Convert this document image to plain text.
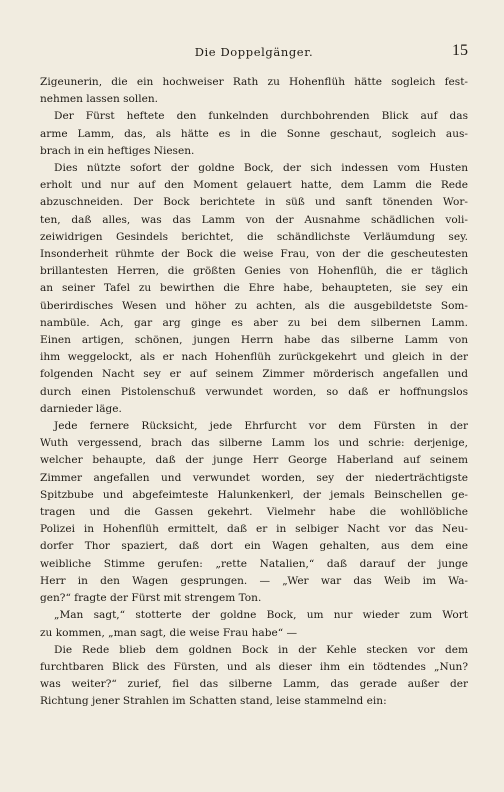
Die Doppelgänger.	15

Zigeunerin, die ein hochweiser Rath zu Hohenflüh hätte sogleich fest-
nehmen lassen sollen.

Der Fürst heftete den funkelnden durchbohrenden Blick auf das
arme Lamm, das, als hätte es in die Sonne geschaut, sogleich aus-
brach in ein heftiges Niesen.

Dies nützte sofort der goldne Bock, der sich indessen vom Husten
erholt und nur auf den Moment gelauert hatte, dem Lamm die Rede
abzuschneiden. Der Bock berichtete in süß und sanft tönenden Wor-
ten, daß alles, was das Lamm von der Ausnahme schädlichen voli-
zeiwidrigen Gesindels berichtet, die schändlichste Verläumdung sey.
Insonderheit rühmte der Bock die weise Frau, von der die gescheutesten
brillantesten Herren, die größten Genies von Hohenflüh, die er täglich
an seiner Tafel zu bewirthen die Ehre habe, behaupteten, sie sey ein
überirdisches Wesen und höher zu achten, als die ausgebildetste Som-
nambüle. Ach, gar arg ginge es aber zu bei dem silbernen Lamm.
Einen artigen, schönen, jungen Herrn habe das silberne Lamm von
ihm weggelockt, als er nach Hohenflüh zurückgekehrt und gleich in der
folgenden Nacht sey er auf seinem Zimmer mörderisch angefallen und
durch einen Pistolenschuß verwundet worden, so daß er hoffnungslos
darnieder läge.

Jede fernere Rücksicht, jede Ehrfurcht vor dem Fürsten in der
Wuth vergessend, brach das silberne Lamm los und schrie: derjenige,
welcher behaupte, daß der junge Herr George Haberland auf seinem
Zimmer angefallen und verwundet worden, sey der niederträchtigste
Spitzbube und abgefeimteste Halunkenkerl, der jemals Beinschellen ge-
tragen und die Gassen gekehrt. Vielmehr habe die wohllöbliche
Polizei in Hohenflüh ermittelt, daß er in selbiger Nacht vor das Neu-
dorfer Thor spaziert, daß dort ein Wagen gehalten, aus dem eine
weibliche Stimme gerufen: „rette Natalien,“ daß darauf der junge
Herr in den Wagen gesprungen. — „Wer war das Weib im Wa-
gen?“ fragte der Fürst mit strengem Ton.

„Man sagt,“ stotterte der goldne Bock, um nur wieder zum Wort
zu kommen, „man sagt, die weise Frau habe“ —

Die Rede blieb dem goldnen Bock in der Kehle stecken vor dem
furchtbaren Blick des Fürsten, und als dieser ihm ein tödtendes „Nun?
was weiter?“ zurief, fiel das silberne Lamm, das gerade außer der
Richtung jener Strahlen im Schatten stand, leise stammelnd ein:
